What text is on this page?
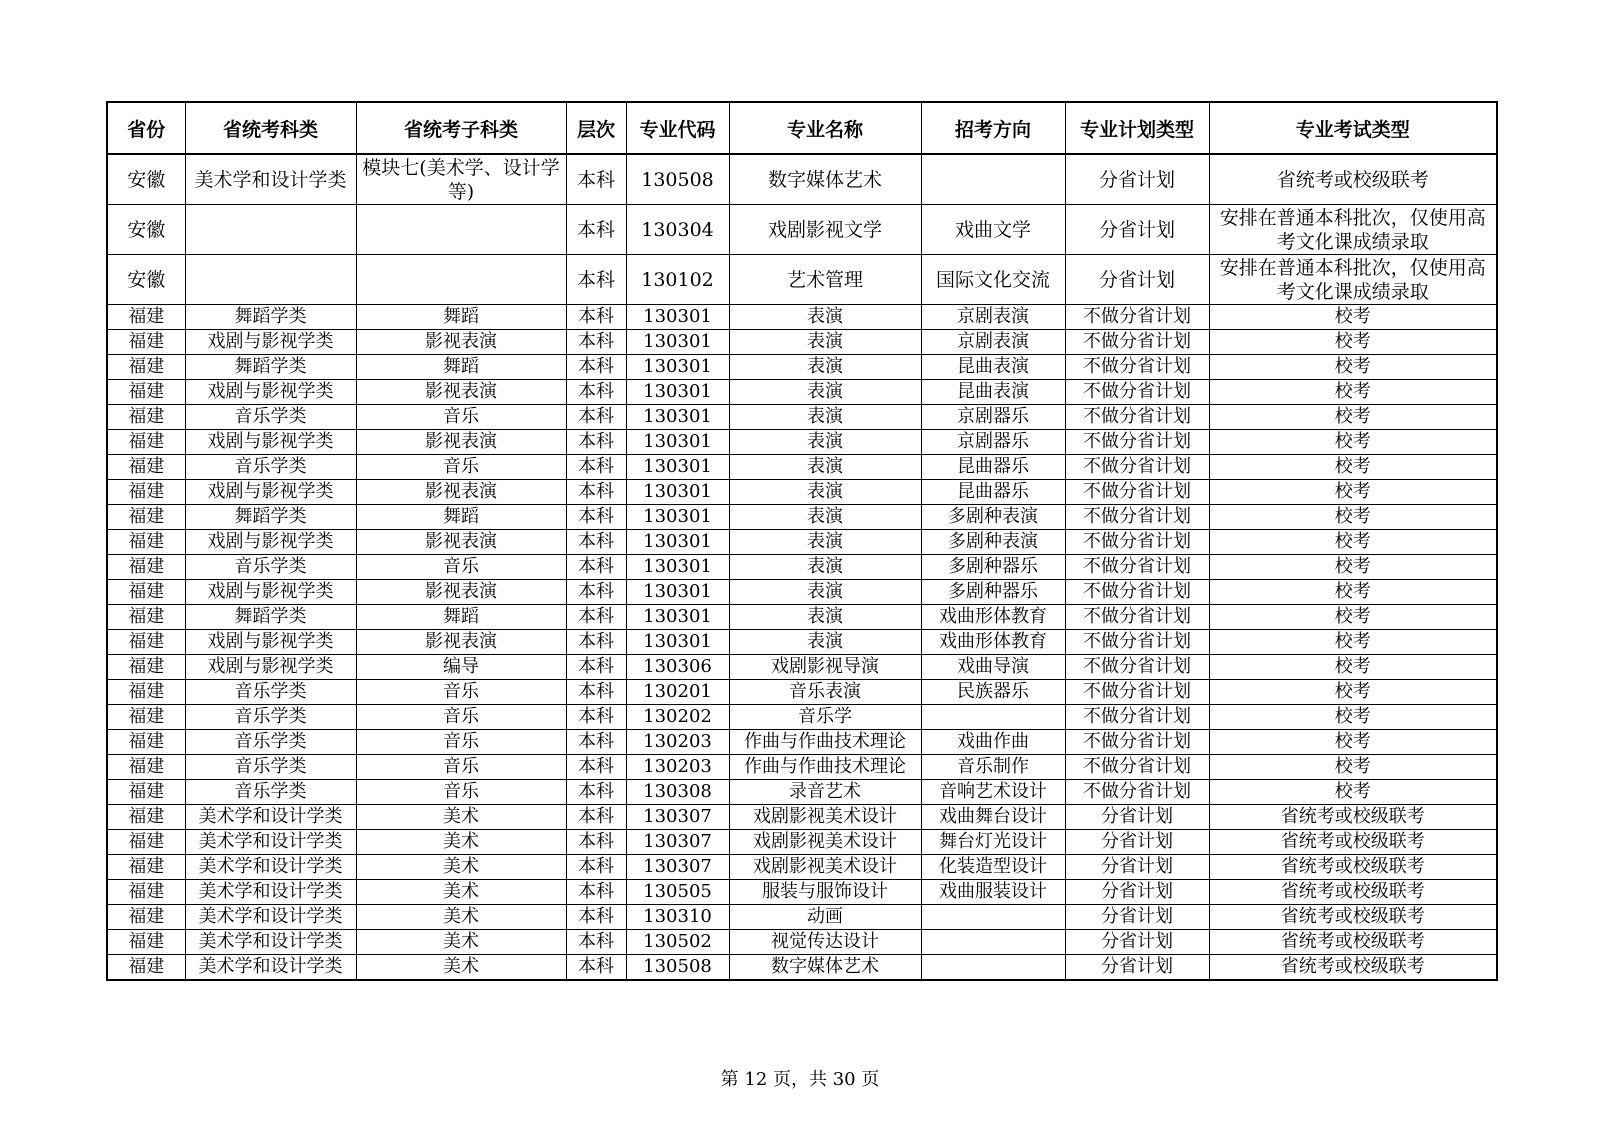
省份	省统考科类	省统考子科类	层次	专业代码	专业名称	招考方向	专业计划类型	专业考试类型
安徽	美术学和设计学类	模块七(美术学、设计学等)	本科	130508	数字媒体艺术		分省计划	省统考或校级联考
安徽			本科	130304	戏剧影视文学	戏曲文学	分省计划	安排在普通本科批次，仅使用高考文化课成绩录取
安徽			本科	130102	艺术管理	国际文化交流	分省计划	安排在普通本科批次，仅使用高考文化课成绩录取
福建	舞蹈学类	舞蹈	本科	130301	表演	京剧表演	不做分省计划	校考
福建	戏剧与影视学类	影视表演	本科	130301	表演	京剧表演	不做分省计划	校考
福建	舞蹈学类	舞蹈	本科	130301	表演	昆曲表演	不做分省计划	校考
福建	戏剧与影视学类	影视表演	本科	130301	表演	昆曲表演	不做分省计划	校考
福建	音乐学类	音乐	本科	130301	表演	京剧器乐	不做分省计划	校考
福建	戏剧与影视学类	影视表演	本科	130301	表演	京剧器乐	不做分省计划	校考
福建	音乐学类	音乐	本科	130301	表演	昆曲器乐	不做分省计划	校考
福建	戏剧与影视学类	影视表演	本科	130301	表演	昆曲器乐	不做分省计划	校考
福建	舞蹈学类	舞蹈	本科	130301	表演	多剧种表演	不做分省计划	校考
福建	戏剧与影视学类	影视表演	本科	130301	表演	多剧种表演	不做分省计划	校考
福建	音乐学类	音乐	本科	130301	表演	多剧种器乐	不做分省计划	校考
福建	戏剧与影视学类	影视表演	本科	130301	表演	多剧种器乐	不做分省计划	校考
福建	舞蹈学类	舞蹈	本科	130301	表演	戏曲形体教育	不做分省计划	校考
福建	戏剧与影视学类	影视表演	本科	130301	表演	戏曲形体教育	不做分省计划	校考
福建	戏剧与影视学类	编导	本科	130306	戏剧影视导演	戏曲导演	不做分省计划	校考
福建	音乐学类	音乐	本科	130201	音乐表演	民族器乐	不做分省计划	校考
福建	音乐学类	音乐	本科	130202	音乐学		不做分省计划	校考
福建	音乐学类	音乐	本科	130203	作曲与作曲技术理论	戏曲作曲	不做分省计划	校考
福建	音乐学类	音乐	本科	130203	作曲与作曲技术理论	音乐制作	不做分省计划	校考
福建	音乐学类	音乐	本科	130308	录音艺术	音响艺术设计	不做分省计划	校考
福建	美术学和设计学类	美术	本科	130307	戏剧影视美术设计	戏曲舞台设计	分省计划	省统考或校级联考
福建	美术学和设计学类	美术	本科	130307	戏剧影视美术设计	舞台灯光设计	分省计划	省统考或校级联考
福建	美术学和设计学类	美术	本科	130307	戏剧影视美术设计	化装造型设计	分省计划	省统考或校级联考
福建	美术学和设计学类	美术	本科	130505	服装与服饰设计	戏曲服装设计	分省计划	省统考或校级联考
福建	美术学和设计学类	美术	本科	130310	动画		分省计划	省统考或校级联考
福建	美术学和设计学类	美术	本科	130502	视觉传达设计		分省计划	省统考或校级联考
福建	美术学和设计学类	美术	本科	130508	数字媒体艺术		分省计划	省统考或校级联考
第 12 页，共 30 页
